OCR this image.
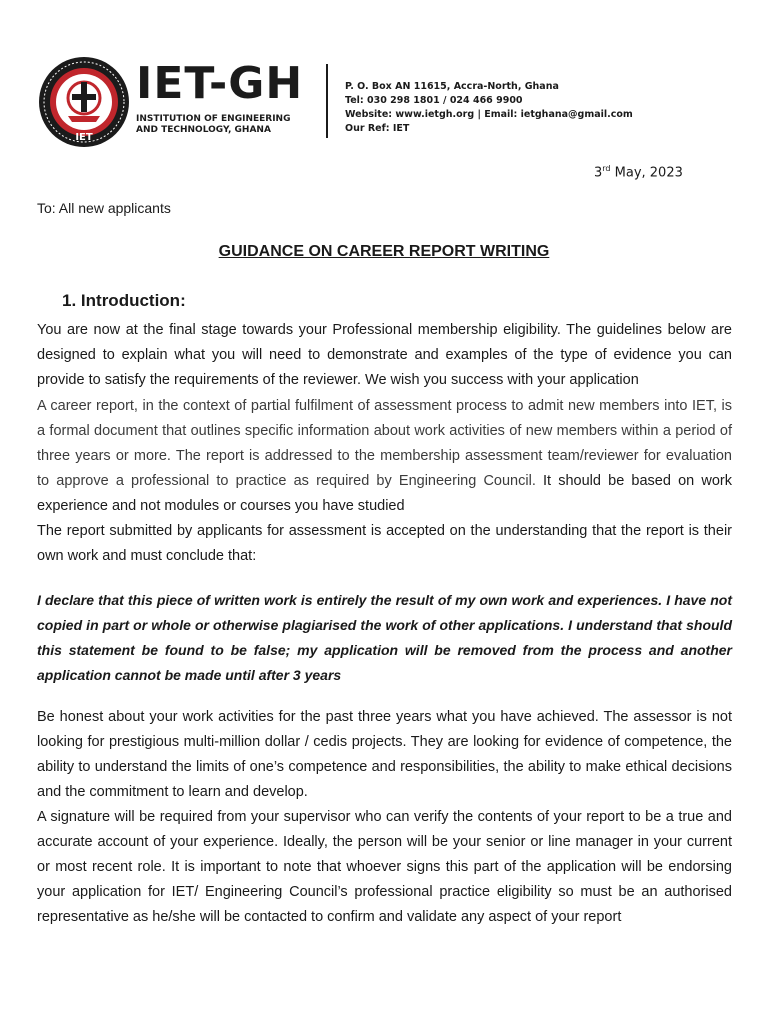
IET
IET-GH
INSTITUTION OF ENGINEERING
AND TECHNOLOGY, GHANA
P. O. Box AN 11615, Accra-North, Ghana
Tel: 030 298 1801 / 024 466 9900
Website: www.ietgh.org | Email: ietghana@gmail.com
Our Ref: IET
3rd May, 2023
To: All new applicants
GUIDANCE ON CAREER REPORT WRITING
1. Introduction:
You are now at the final stage towards your Professional membership eligibility. The guidelines below are designed to explain what you will need to demonstrate and examples of the type of evidence you can provide to satisfy the requirements of the reviewer. We wish you success with your application
A career report, in the context of partial fulfilment of assessment process to admit new members into IET, is a formal document that outlines specific information about work activities of new members within a period of three years or more. The report is addressed to the membership assessment team/reviewer for evaluation to approve a professional to practice as required by Engineering Council. It should be based on work experience and not modules or courses you have studied
The report submitted by applicants for assessment is accepted on the understanding that the report is their own work and must conclude that:
I declare that this piece of written work is entirely the result of my own work and experiences. I have not copied in part or whole or otherwise plagiarised the work of other applications. I understand that should this statement be found to be false; my application will be removed from the process and another application cannot be made until after 3 years
Be honest about your work activities for the past three years what you have achieved. The assessor is not looking for prestigious multi-million dollar / cedis projects. They are looking for evidence of competence, the ability to understand the limits of one’s competence and responsibilities, the ability to make ethical decisions and the commitment to learn and develop.
A signature will be required from your supervisor who can verify the contents of your report to be a true and accurate account of your experience. Ideally, the person will be your senior or line manager in your current or most recent role. It is important to note that whoever signs this part of the application will be endorsing your application for IET/ Engineering Council’s professional practice eligibility so must be an authorised representative as he/she will be contacted to confirm and validate any aspect of your report
